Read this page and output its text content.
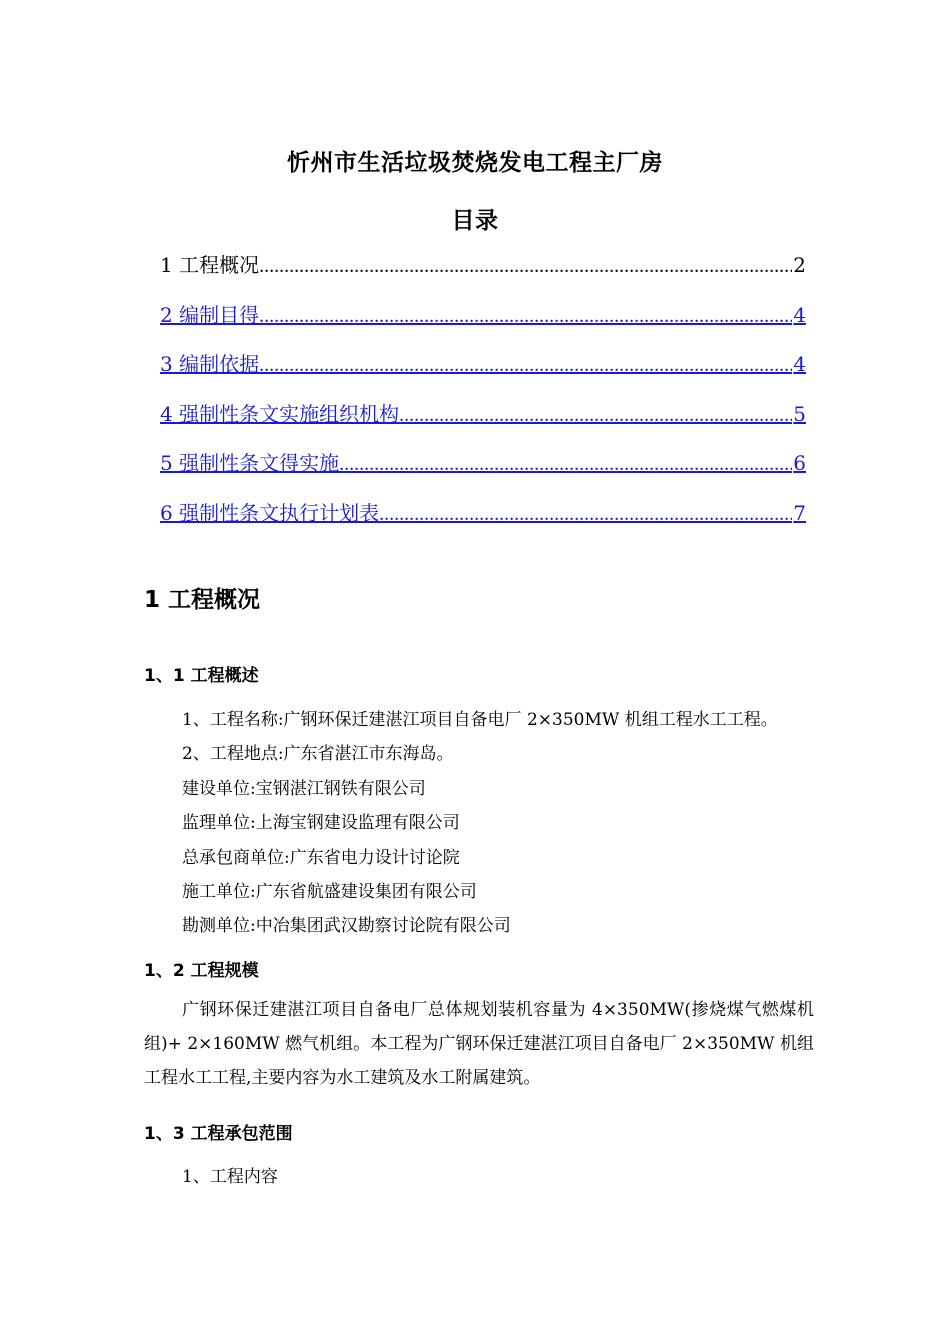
忻州市生活垃圾焚烧发电工程主厂房
目录
1 工程概况 .....	2
2 编制目得 .....	4
3 编制依据 .....	4
4 强制性条文实施组织机构 .....	5
5 强制性条文得实施 .....	6
6 强制性条文执行计划表 .....	7
1 工程概况
1、1 工程概述
1、工程名称:广钢环保迁建湛江项目自备电厂 2×350MW 机组工程水工工程。
2、工程地点:广东省湛江市东海岛。
建设单位:宝钢湛江钢铁有限公司
监理单位:上海宝钢建设监理有限公司
总承包商单位:广东省电力设计讨论院
施工单位:广东省航盛建设集团有限公司
勘测单位:中冶集团武汉勘察讨论院有限公司
1、2 工程规模
广钢环保迁建湛江项目自备电厂总体规划装机容量为 4×350MW(掺烧煤气燃煤机组)+ 2×160MW 燃气机组。本工程为广钢环保迁建湛江项目自备电厂 2×350MW 机组工程水工工程,主要内容为水工建筑及水工附属建筑。
1、3 工程承包范围
1、工程内容
